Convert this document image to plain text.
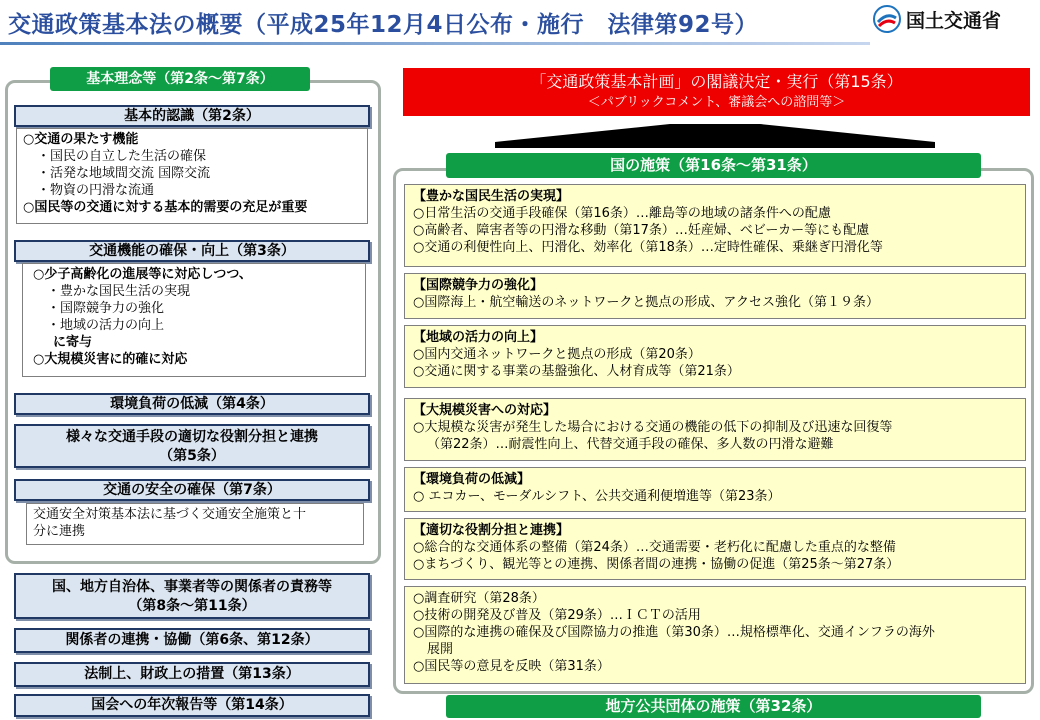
交通政策基本法の概要（平成25年12月4日公布・施行　法律第92号）	国土交通省
基本理念等（第2条〜第7条）
基本的認識（第2条）
○交通の果たす機能
・国民の自立した生活の確保
・活発な地域間交流 国際交流
・物資の円滑な流通
○国民等の交通に対する基本的需要の充足が重要
交通機能の確保・向上（第3条）
○少子高齢化の進展等に対応しつつ、
・豊かな国民生活の実現
・国際競争力の強化
・地域の活力の向上
に寄与
○大規模災害に的確に対応
環境負荷の低減（第4条）
様々な交通手段の適切な役割分担と連携
（第5条）
交通の安全の確保（第7条）
交通安全対策基本法に基づく交通安全施策と十
分に連携
国、地方自治体、事業者等の関係者の責務等
（第8条〜第11条）
関係者の連携・協働（第6条、第12条）
法制上、財政上の措置（第13条）
国会への年次報告等（第14条）
「交通政策基本計画」の閣議決定・実行（第15条）
＜パブリックコメント、審議会への諮問等＞
国の施策（第16条〜第31条）
【豊かな国民生活の実現】
○日常生活の交通手段確保（第16条）…離島等の地域の諸条件への配慮
○高齢者、障害者等の円滑な移動（第17条）…妊産婦、ベビーカー等にも配慮
○交通の利便性向上、円滑化、効率化（第18条）…定時性確保、乗継ぎ円滑化等
【国際競争力の強化】
○国際海上・航空輸送のネットワークと拠点の形成、アクセス強化（第１９条）
【地域の活力の向上】
○国内交通ネットワークと拠点の形成（第20条）
○交通に関する事業の基盤強化、人材育成等（第21条）
【大規模災害への対応】
○大規模な災害が発生した場合における交通の機能の低下の抑制及び迅速な回復等
（第22条）…耐震性向上、代替交通手段の確保、多人数の円滑な避難
【環境負荷の低減】
○ エコカー、モーダルシフト、公共交通利便増進等（第23条）
【適切な役割分担と連携】
○総合的な交通体系の整備（第24条）…交通需要・老朽化に配慮した重点的な整備
○まちづくり、観光等との連携、関係者間の連携・協働の促進（第25条〜第27条）
○調査研究（第28条）
○技術の開発及び普及（第29条）…ＩＣＴの活用
○国際的な連携の確保及び国際協力の推進（第30条）…規格標準化、交通インフラの海外
展開
○国民等の意見を反映（第31条）
地方公共団体の施策（第32条）
